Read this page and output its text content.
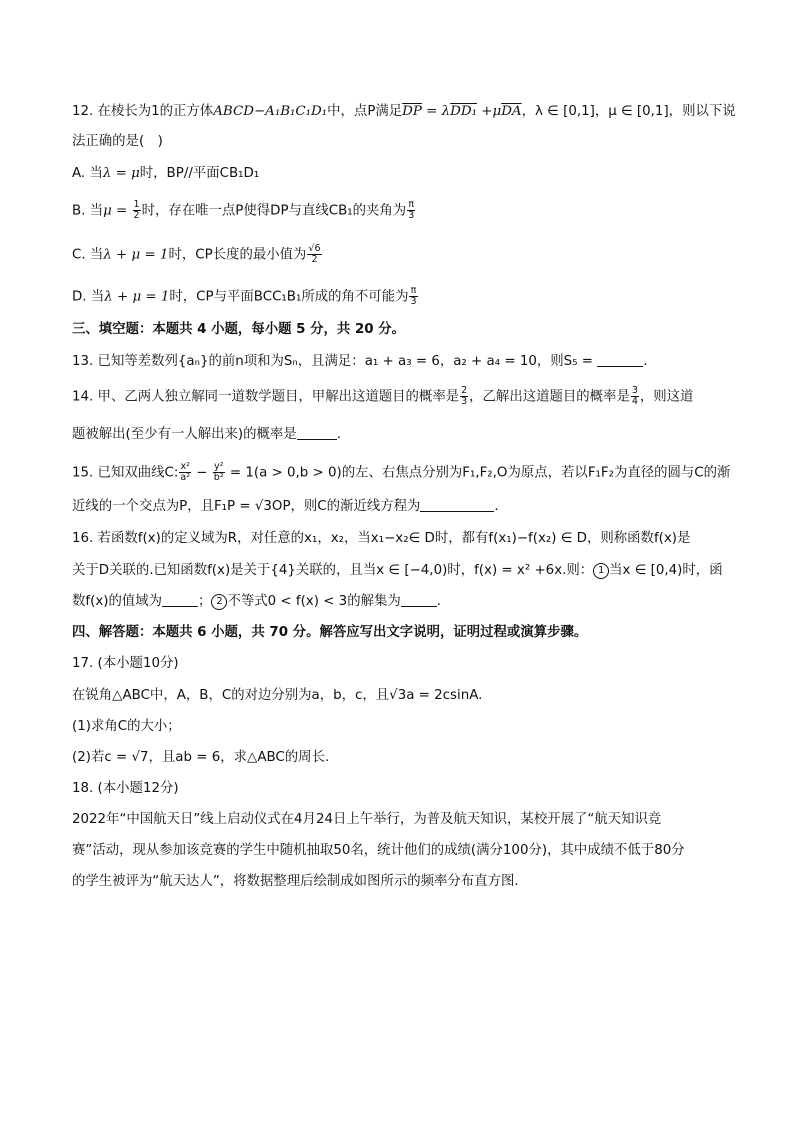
12. 在棱长为1的正方体ABCD−A₁B₁C₁D₁中，点P满足$\overline{DP} = \lambda DD_1 +\mu\overline{DA}$，λ ∈ [0,1]，μ ∈ [0,1]，则以下说
法正确的是(　)
A. 当λ = μ时，BP//平面CB₁D₁
B. 当$\mu = \frac{1}{2}$ 时，存在唯一点P使得DP与直线CB₁的夹角为 $\frac{\pi}{3}$
C. 当λ + μ = 1时，CP长度的最小值为 $\frac{√6}{2}$
D. 当λ + μ = 1时，CP与平面BCC₁B₁所成的角不可能为 $\frac{\pi}{3}$
三、填空题：本题共 4 小题，每小题 5 分，共 20 分。
13. 已知等差数列{aₙ}的前n项和为Sₙ，且满足：a₁ + a₃ = 6，a₂ + a₄ = 10，则S₅ =	.
14. 甲、乙两人独立解同一道数学题目，甲解出这道题目的概率是 $\frac{2}{3}$ ，乙解出这道题目的概率是 $\frac{3}{4}$ ，则这道
题被解出(至少有一人解出来)的概率是	.
15. 已知双曲线C: $\frac{\text{x²}}{\text{a²}} - \frac{\text{y²}}{\text{b²}} = 1(a > 0,b > 0)$的左、右焦点分别为F₁,F₂,O为原点，若以F₁F₂为直径的圆与C的渐
近线的一个交点为P，且F₁P = √3OP，则C的渐近线方程为	.
16. 若函数f(x)的定义域为R，对任意的x₁，x₂，当x₁−x₂∈ D时，都有f(x₁)−f(x₂) ∈ D，则称函数f(x)是
关于D关联的.已知函数f(x)是关于{4}关联的，且当x ∈ [−4,0)时，f(x) = x² +6x.则： 1 当x ∈ [0,4)时，函
数f(x)的值域为	； 2 不等式0 < f(x) < 3的解集为	.
四、解答题：本题共 6 小题，共 70 分。解答应写出文字说明，证明过程或演算步骤。
17. (本小题10分)
在锐角△ABC中，A，B，C的对边分别为a，b，c，且√3a = 2csinA.
(1)求角C的大小；
(2)若c = √7，且ab = 6，求△ABC的周长.
18. (本小题12分)
2022年“中国航天日”线上启动仪式在4月24日上午举行，为普及航天知识，某校开展了“航天知识竞
赛”活动，现从参加该竞赛的学生中随机抽取50名，统计他们的成绩(满分100分)，其中成绩不低于80分
的学生被评为“航天达人”，将数据整理后绘制成如图所示的频率分布直方图.
